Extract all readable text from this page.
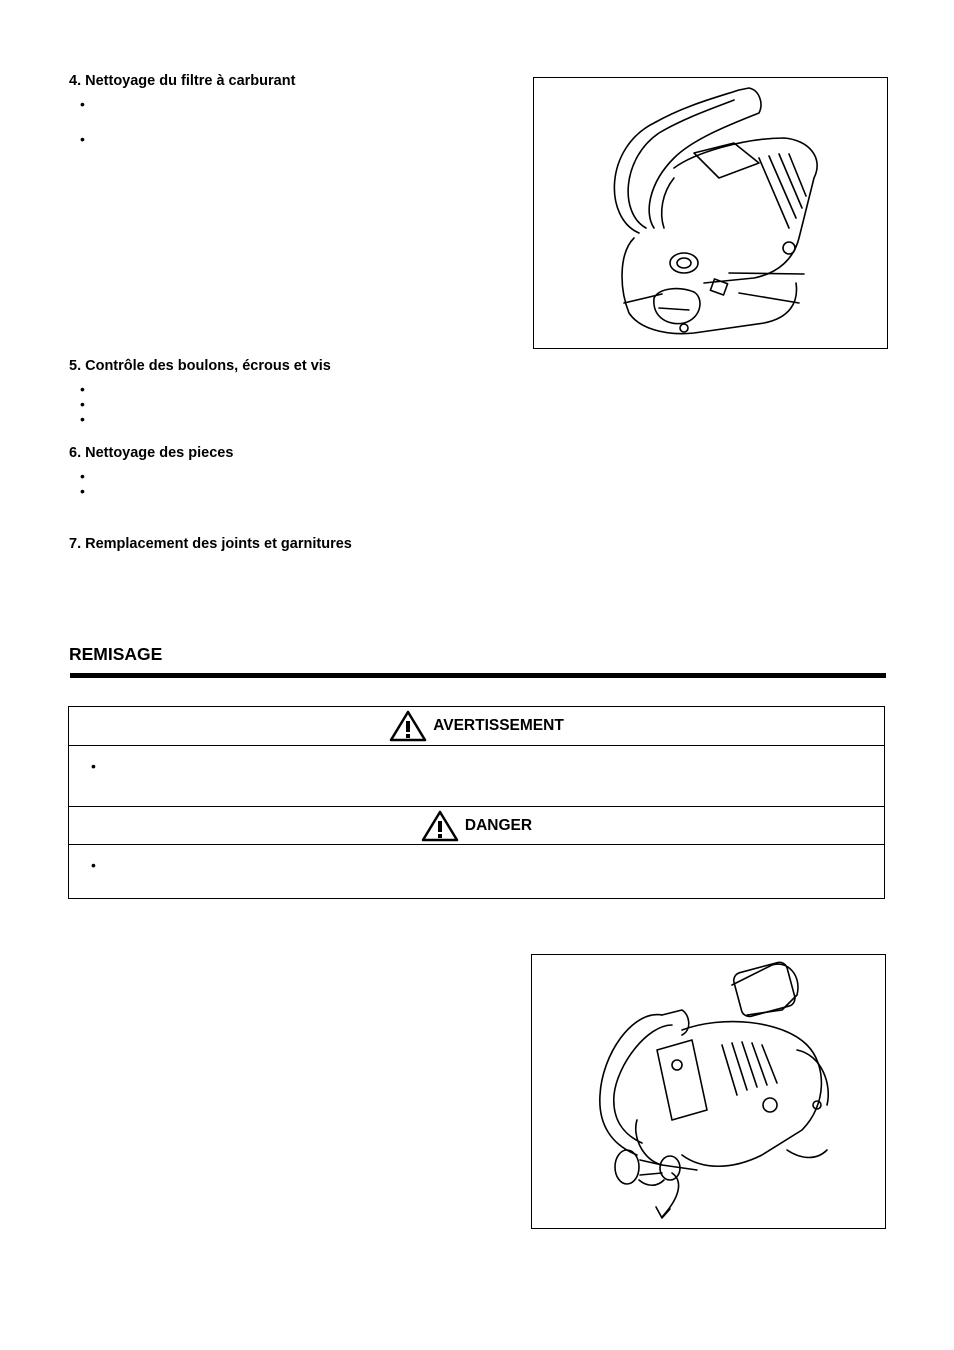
4. Nettoyage du filtre à carburant
•
•
5. Contrôle des boulons, écrous et vis
•
•
•
6. Nettoyage des pieces
•
•
7. Remplacement des joints et garnitures
REMISAGE
AVERTISSEMENT
•
DANGER
•
